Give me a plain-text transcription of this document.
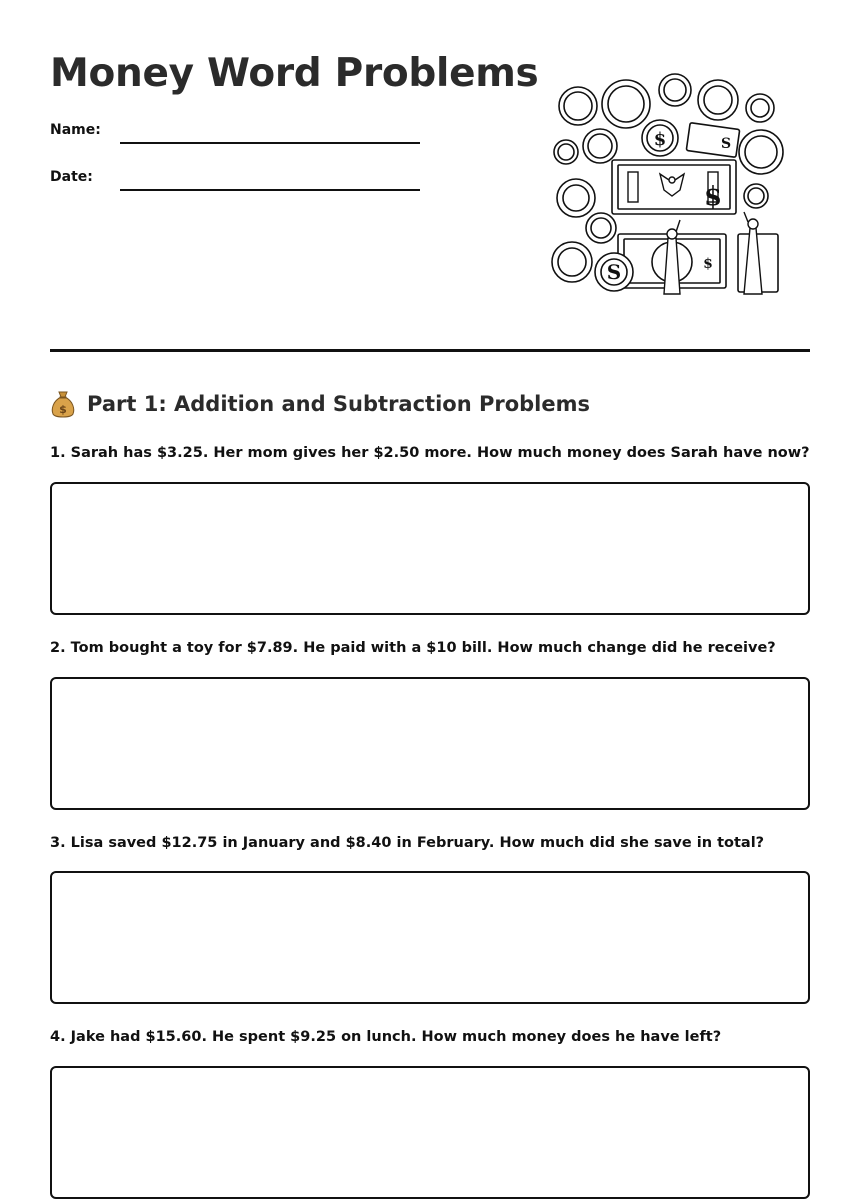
Money Word Problems
Name:
Date:
S
$
$	S
$
$ Part 1: Addition and Subtraction Problems

1. Sarah has $3.25. Her mom gives her $2.50 more. How much money does Sarah have now?

2. Tom bought a toy for $7.89. He paid with a $10 bill. How much change did he receive?

3. Lisa saved $12.75 in January and $8.40 in February. How much did she save in total?

4. Jake had $15.60. He spent $9.25 on lunch. How much money does he have left?
